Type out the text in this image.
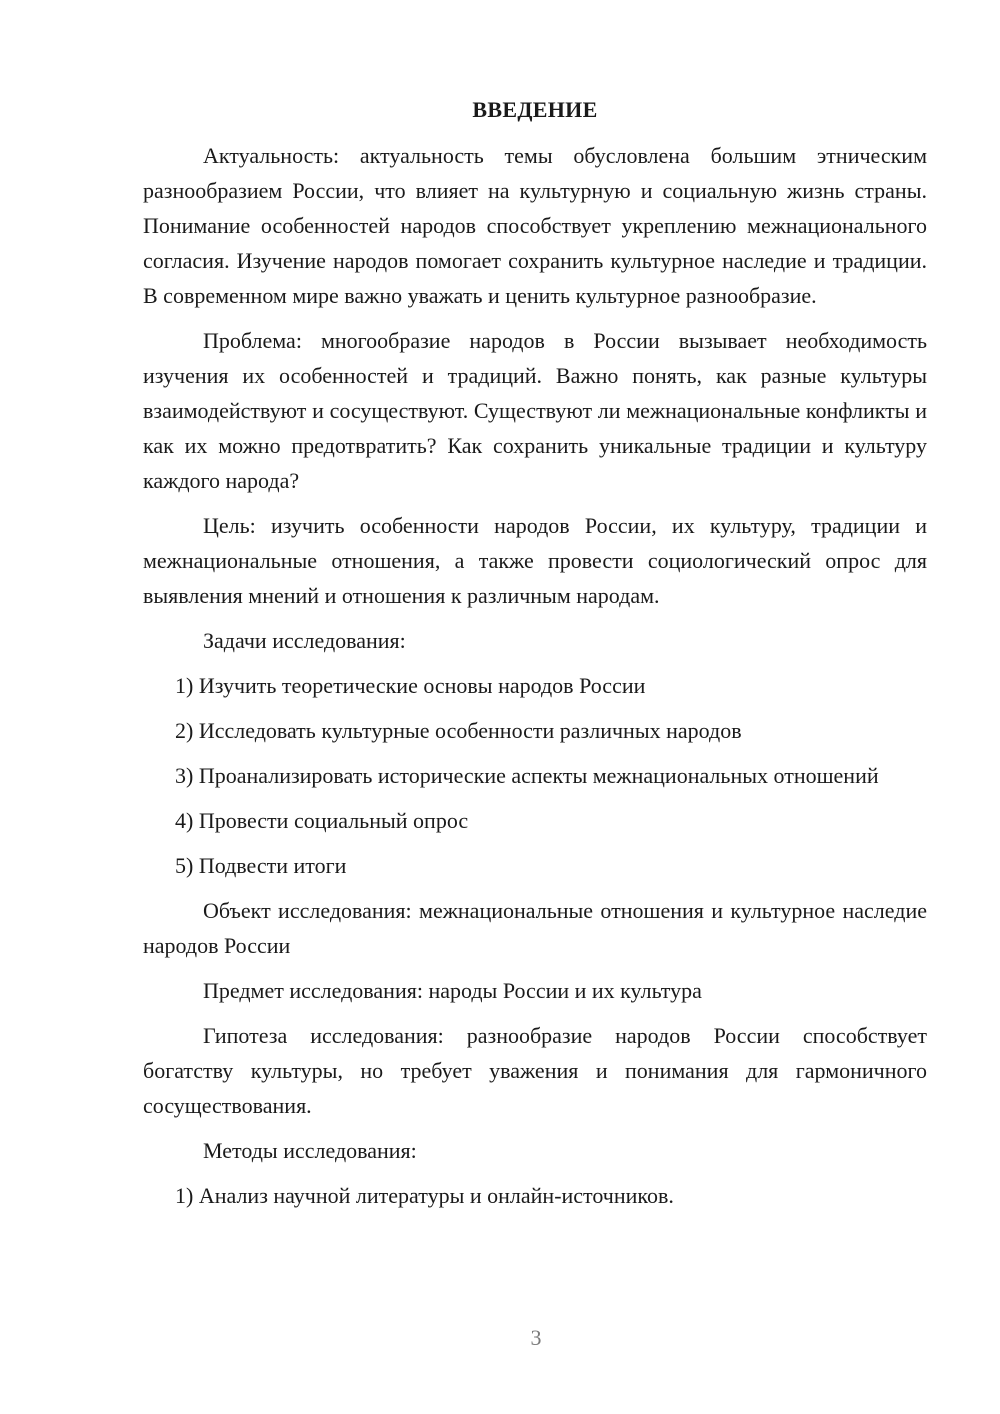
ВВЕДЕНИЕ

Актуальность: актуальность темы обусловлена большим этническим разнообразием России, что влияет на культурную и социальную жизнь страны. Понимание особенностей народов способствует укреплению межнационального согласия. Изучение народов помогает сохранить культурное наследие и традиции. В современном мире важно уважать и ценить культурное разнообразие.

Проблема: многообразие народов в России вызывает необходимость изучения их особенностей и традиций. Важно понять, как разные культуры взаимодействуют и сосуществуют. Существуют ли межнациональные конфликты и как их можно предотвратить? Как сохранить уникальные традиции и культуру каждого народа?

Цель: изучить особенности народов России, их культуру, традиции и межнациональные отношения, а также провести социологический опрос для выявления мнений и отношения к различным народам.

Задачи исследования:

1) Изучить теоретические основы народов России

2) Исследовать культурные особенности различных народов

3) Проанализировать исторические аспекты межнациональных отношений

4) Провести социальный опрос

5) Подвести итоги

Объект исследования: межнациональные отношения и культурное наследие народов России

Предмет исследования: народы России и их культура

Гипотеза исследования: разнообразие народов России способствует богатству культуры, но требует уважения и понимания для гармоничного сосуществования.

Методы исследования:

1) Анализ научной литературы и онлайн-источников.

3
